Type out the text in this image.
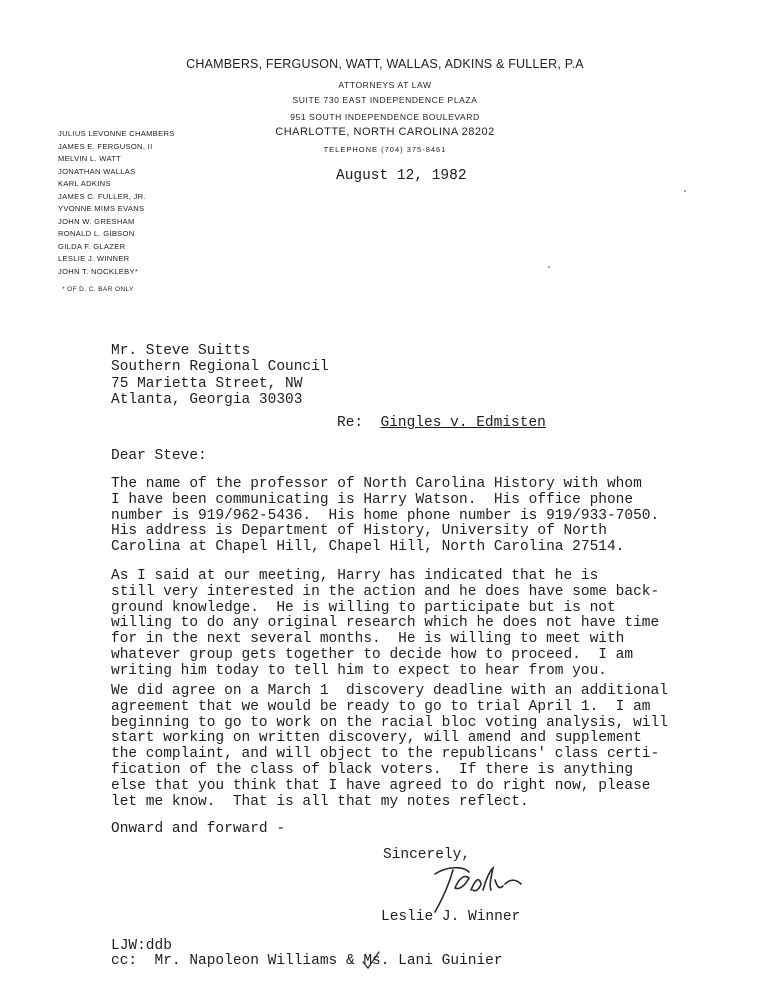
CHAMBERS, FERGUSON, WATT, WALLAS, ADKINS & FULLER, P.A
ATTORNEYS AT LAW
SUITE 730 EAST INDEPENDENCE PLAZA
951 SOUTH INDEPENDENCE BOULEVARD
CHARLOTTE, NORTH CAROLINA 28202
TELEPHONE (704) 375-8461
JULIUS LEVONNE CHAMBERS
JAMES E. FERGUSON, II
MELVIN L. WATT
JONATHAN WALLAS
KARL ADKINS
JAMES C. FULLER, JR.
YVONNE MIMS EVANS
JOHN W. GRESHAM
RONALD L. GIBSON
GILDA F. GLAZER
LESLIE J. WINNER
JOHN T. NOCKLEBY*
* OF D. C. BAR ONLY
August 12, 1982
Mr. Steve Suitts
Southern Regional Council
75 Marietta Street, NW
Atlanta, Georgia 30303
Re: Gingles v. Edmisten
Dear Steve:

The name of the professor of North Carolina History with whom
I have been communicating is Harry Watson.  His office phone
number is 919/962-5436.  His home phone number is 919/933-7050.
His address is Department of History, University of North
Carolina at Chapel Hill, Chapel Hill, North Carolina 27514.

As I said at our meeting, Harry has indicated that he is
still very interested in the action and he does have some back-
ground knowledge.  He is willing to participate but is not
willing to do any original research which he does not have time
for in the next several months.  He is willing to meet with
whatever group gets together to decide how to proceed.  I am
writing him today to tell him to expect to hear from you.

We did agree on a March 1  discovery deadline with an additional
agreement that we would be ready to go to trial April 1.  I am
beginning to go to work on the racial bloc voting analysis, will
start working on written discovery, will amend and supplement
the complaint, and will object to the republicans' class certi-
fication of the class of black voters.  If there is anything
else that you think that I have agreed to do right now, please
let me know.  That is all that my notes reflect.

Onward and forward -
Sincerely,
Leslie J. Winner
LJW:ddb
cc:  Mr. Napoleon Williams & Ms. Lani Guinier
